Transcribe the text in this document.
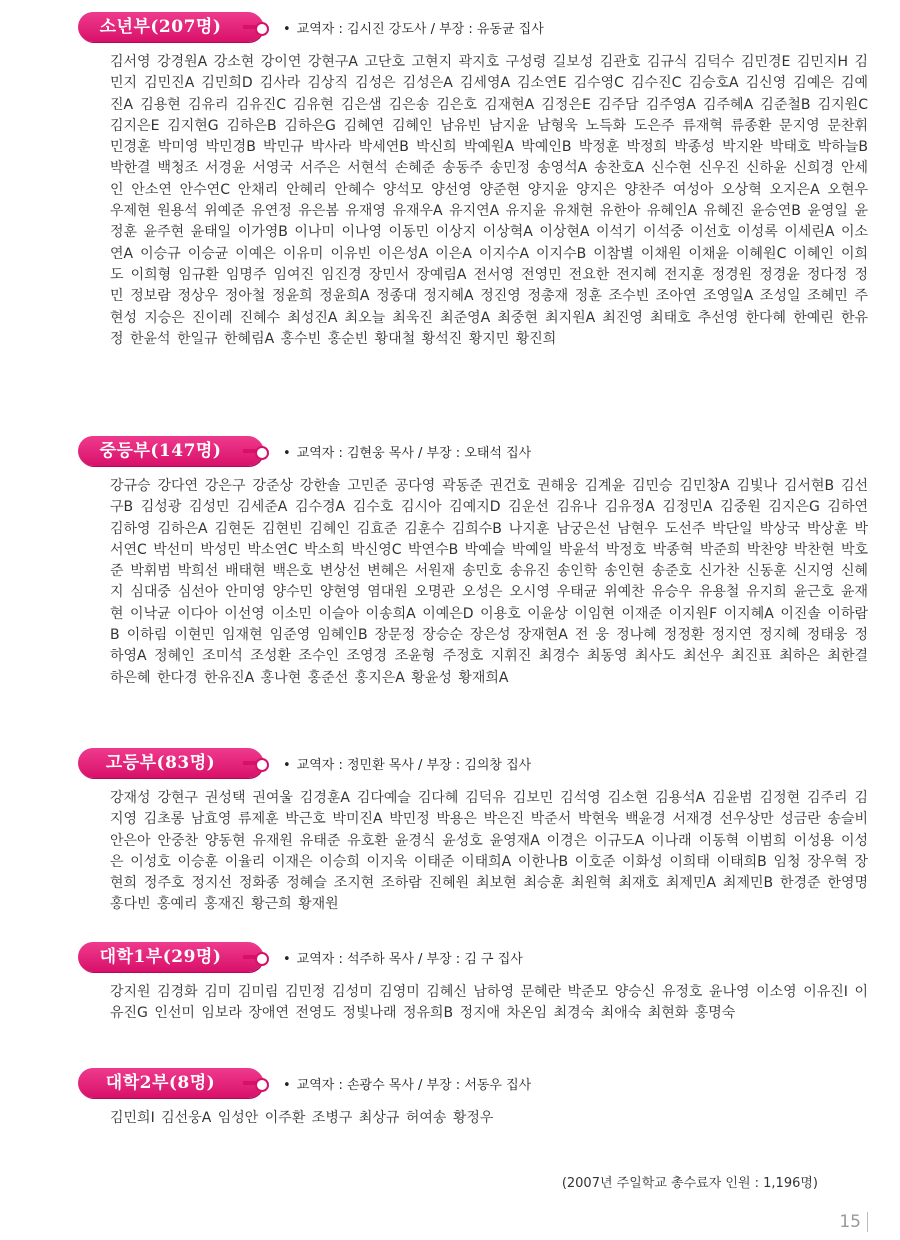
소년부(207명)	• 교역자 : 김시진 강도사 / 부장 : 유동균 집사
김서영 강경원A 강소현 강이연 강현구A 고단호 고현지 곽지호 구성령 길보성 김관호 김규식 김덕수 김민경E 김민지H 김민지 김민진A 김민희D 김사라 김상직 김성은 김성은A 김세영A 김소연E 김수영C 김수진C 김승호A 김신영 김예은 김예진A 김용현 김유리 김유진C 김유현 김은샘 김은송 김은호 김재현A 김정은E 김주담 김주영A 김주혜A 김준철B 김지원C 김지은E 김지현G 김하은B 김하은G 김혜연 김혜인 남유빈 남지윤 남형욱 노득화 도은주 류재혁 류종환 문지영 문찬휘 민경훈 박미영 박민경B 박민규 박사라 박세연B 박신희 박예원A 박예인B 박정훈 박정희 박종성 박지완 박태호 박하늘B 박한결 백청조 서경윤 서영국 서주은 서현석 손혜준 송동주 송민정 송영석A 송찬호A 신수현 신우진 신하윤 신희경 안세인 안소연 안수연C 안채리 안혜리 안혜수 양석모 양선영 양준현 양지윤 양지은 양찬주 여성아 오상혁 오지은A 오현우 우제현 원용석 위예준 유연정 유은봄 유재영 유재우A 유지연A 유지윤 유채현 유한아 유혜인A 유혜진 윤승연B 윤영일 윤정훈 윤주현 윤태일 이가영B 이나미 이나영 이동민 이상지 이상혁A 이상현A 이석기 이석중 이선호 이성록 이세린A 이소연A 이승규 이승균 이예은 이유미 이유빈 이은성A 이은A 이지수A 이지수B 이참별 이채원 이채윤 이혜원C 이혜인 이희도 이희형 임규환 임명주 임여진 임진경 장민서 장예림A 전서영 전영민 전요한 전지혜 전지훈 정경원 정경윤 정다정 정민 정보람 정상우 정아철 정윤희 정윤희A 정종대 정지혜A 정진영 정총재 정훈 조수빈 조아연 조영일A 조성일 조혜민 주현성 지승은 진이레 진혜수 최성진A 최오늘 최욱진 최준영A 최중현 최지원A 최진영 최태호 추선영 한다혜 한예린 한유정 한윤석 한일규 한혜림A 홍수빈 홍순빈 황대철 황석진 황지민 황진희
중등부(147명)	• 교역자 : 김현웅 목사 / 부장 : 오태석 집사
강규승 강다연 강은구 강준상 강한솔 고민준 공다영 곽동준 권건호 권해웅 김계윤 김민승 김민창A 김빛나 김서현B 김선구B 김성광 김성민 김세준A 김수경A 김수호 김시아 김예지D 김운선 김유나 김유정A 김정민A 김중원 김지은G 김하연 김하영 김하은A 김현돈 김현빈 김혜인 김효준 김훈수 김희수B 나지훈 남궁은선 남현우 도선주 박단일 박상국 박상훈 박서연C 박선미 박성민 박소연C 박소희 박신영C 박연수B 박예슬 박예일 박윤석 박정호 박종혁 박준희 박찬양 박찬현 박호준 박휘범 박희선 배태현 백은호 변상선 변혜은 서원재 송민호 송유진 송인학 송인현 송준호 신가찬 신동훈 신지영 신혜지 심대중 심선아 안미영 양수민 양현영 염대원 오명관 오성은 오시영 우태균 위예찬 유승우 유용철 유지희 윤근호 윤재현 이낙균 이다아 이선영 이소민 이슬아 이송희A 이예은D 이용호 이윤상 이임현 이재준 이지원F 이지혜A 이진솔 이하람B 이하림 이현민 임재현 임준영 임혜인B 장문정 장승순 장은성 장재현A 전 웅 정나혜 정정환 정지연 정지혜 정태웅 정하영A 정혜인 조미석 조성환 조수인 조영경 조윤형 주정호 지휘진 최경수 최동영 최사도 최선우 최진표 최하은 최한결 하은혜 한다경 한유진A 홍나현 홍준선 홍지은A 황윤성 황재희A
고등부(83명)	• 교역자 : 정민환 목사 / 부장 : 김의창 집사
강재성 강현구 권성택 권여울 김경훈A 김다예슬 김다혜 김덕유 김보민 김석영 김소현 김용석A 김윤범 김정현 김주리 김지영 김초롱 남효영 류제훈 박근호 박미진A 박민정 박용은 박은진 박준서 박현욱 백윤경 서재경 선우상만 성금란 송슬비 안은아 안중찬 양동현 유재원 유태준 유호환 윤경식 윤성호 윤영재A 이경은 이규도A 이나래 이동혁 이범희 이성용 이성은 이성호 이승훈 이율리 이재은 이승희 이지욱 이태준 이태희A 이한나B 이호준 이화성 이희태 이태희B 임청 장우혁 장현희 정주호 정지선 정화종 정혜슬 조지현 조하람 진혜원 최보현 최승훈 최원혁 최재호 최제민A 최제민B 한경준 한영명 홍다빈 홍예리 홍재진 황근희 황재원
대학1부(29명)	• 교역자 : 석주하 목사 / 부장 : 김 구 집사
강지원 김경화 김미 김미림 김민정 김성미 김영미 김혜신 남하영 문혜란 박준모 양승신 유정호 윤나영 이소영 이유진I 이유진G 인선미 임보라 장애연 전영도 정빛나래 정유희B 정지애 차온임 최경숙 최애숙 최현화 홍명숙
대학2부(8명)	• 교역자 : 손광수 목사 / 부장 : 서동우 집사
김민희I 김선웅A 임성안 이주환 조병구 최상규 허여송 황정우
(2007년 주일학교 총수료자 인원 : 1,196명)
15
